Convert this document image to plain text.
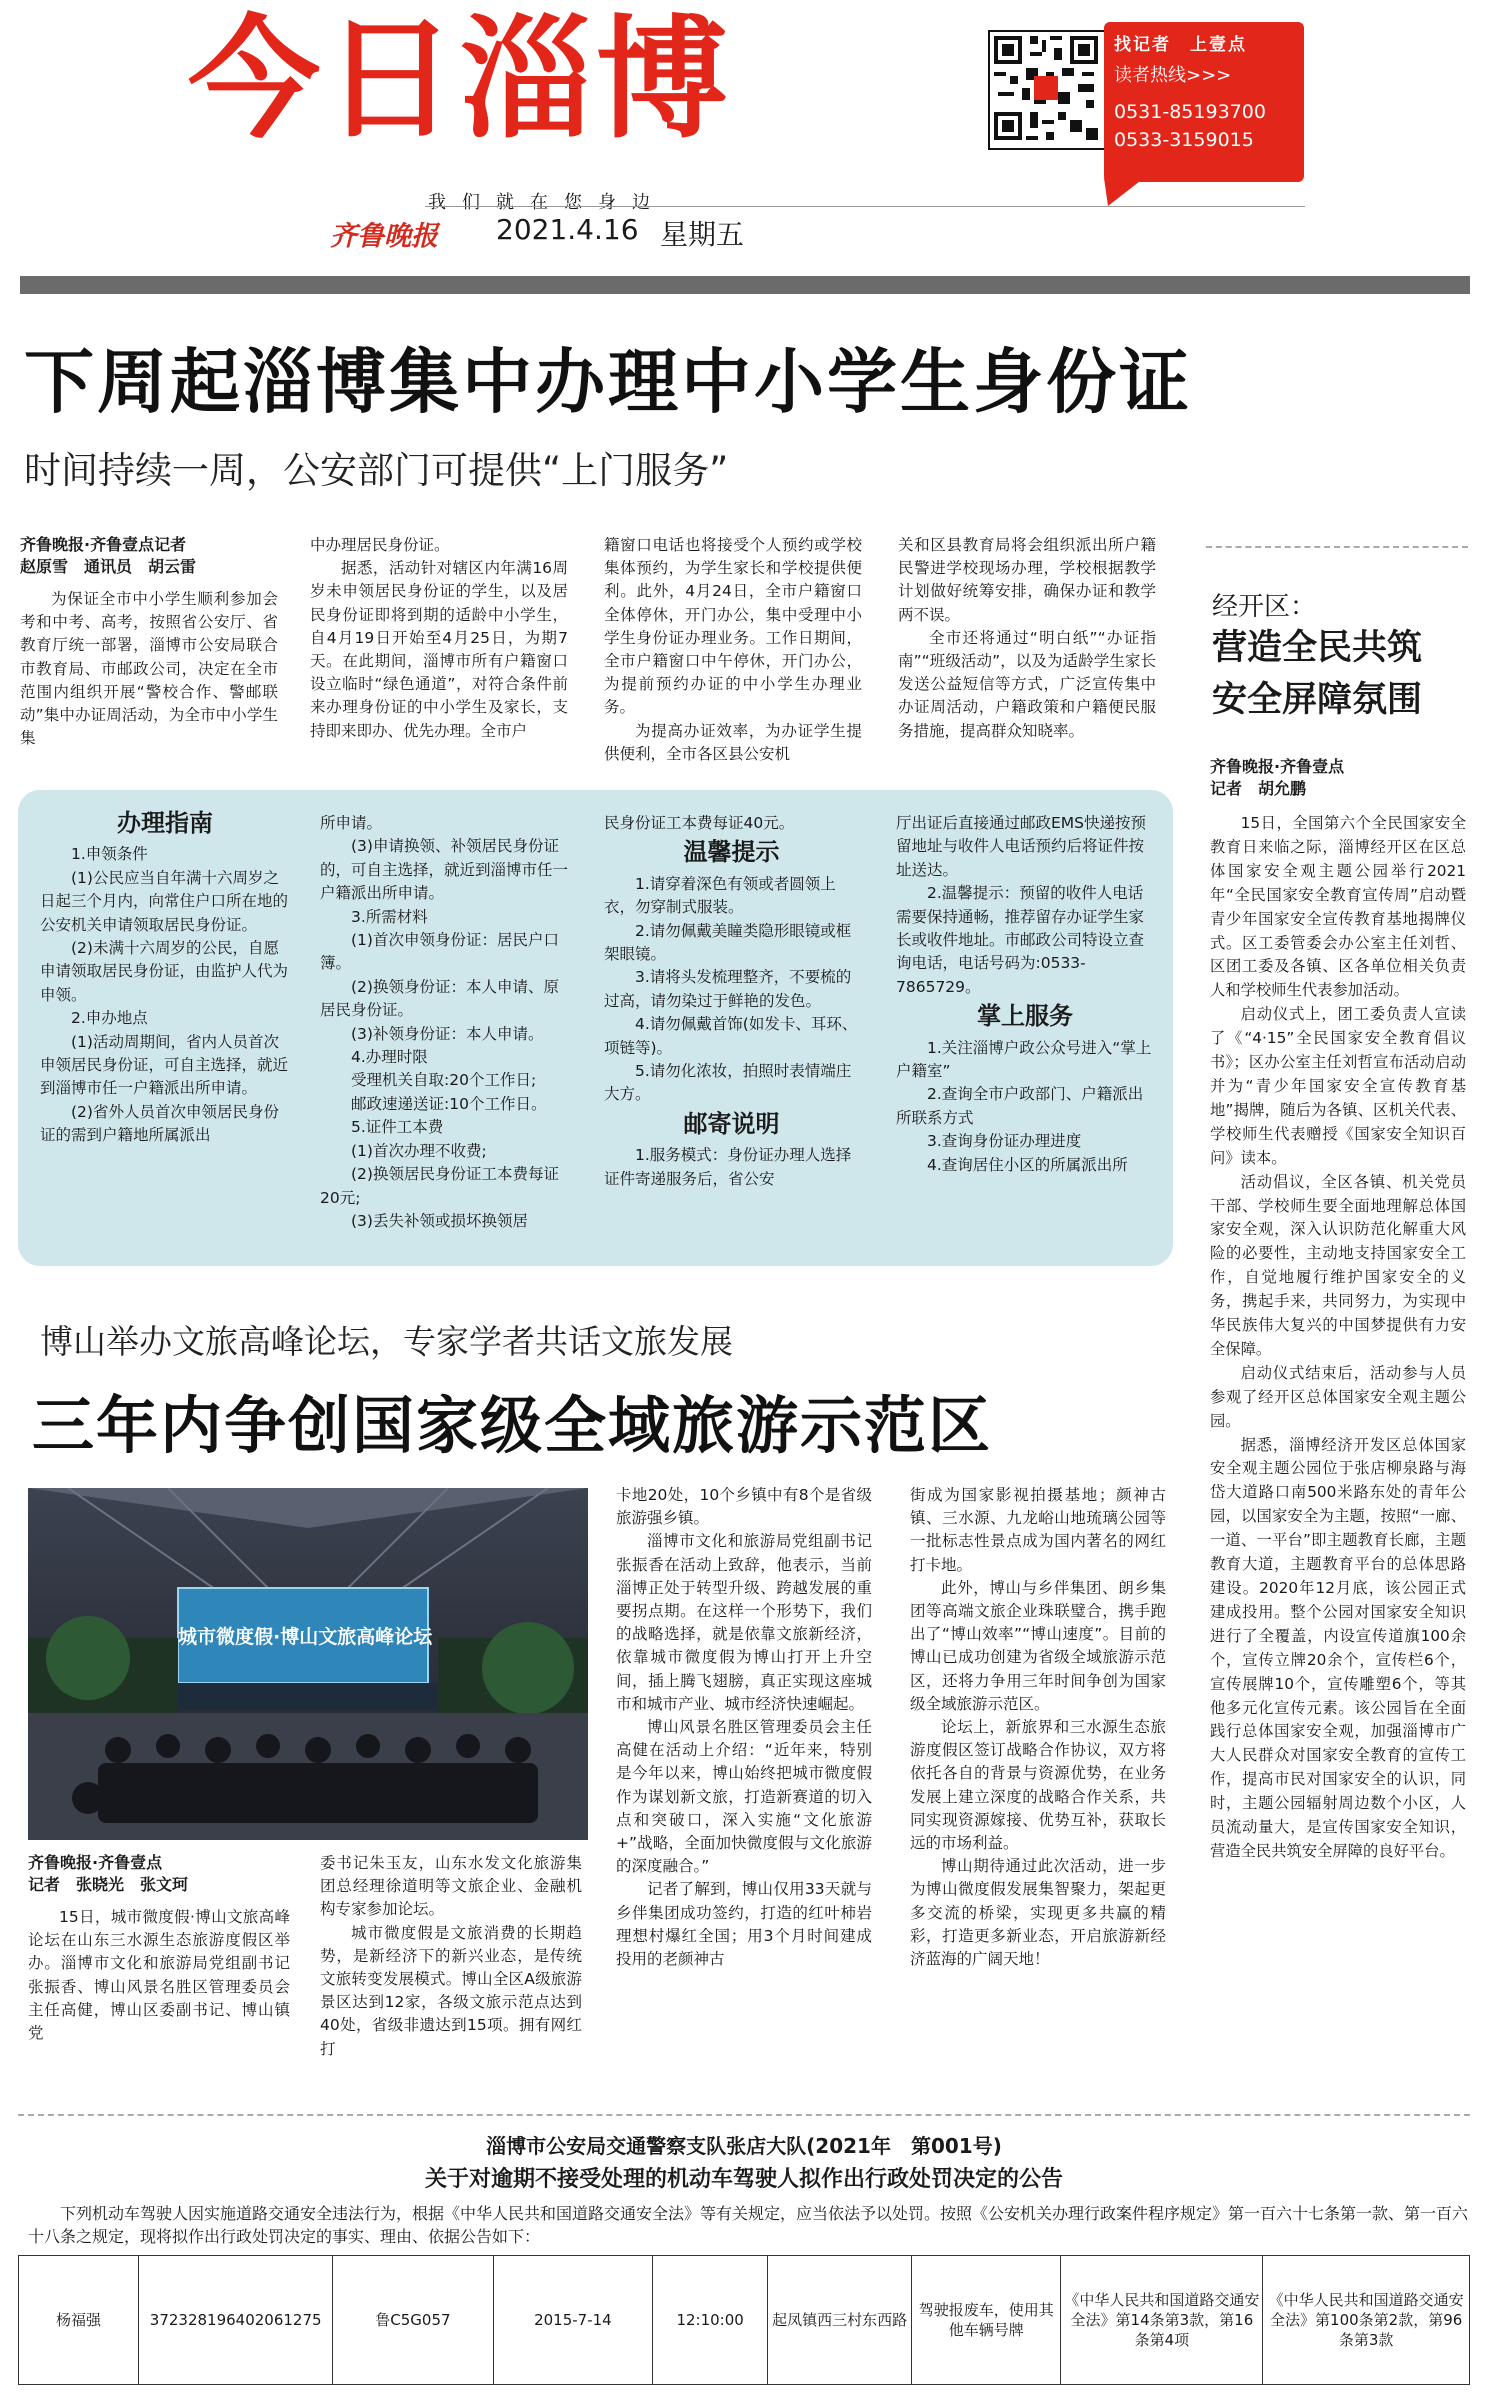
今日淄博
我们就在您身边
齐鲁晚报 2021.4.16 星期五
找记者　上壹点
读者热线>>>
0531-85193700
0533-3159015
下周起淄博集中办理中小学生身份证
时间持续一周，公安部门可提供“上门服务”
齐鲁晚报·齐鲁壹点记者
赵原雪　通讯员　胡云雷

为保证全市中小学生顺利参加会考和中考、高考，按照省公安厅、省教育厅统一部署，淄博市公安局联合市教育局、市邮政公司，决定在全市范围内组织开展“警校合作、警邮联动”集中办证周活动，为全市中小学生集

中办理居民身份证。

据悉，活动针对辖区内年满16周岁未申领居民身份证的学生，以及居民身份证即将到期的适龄中小学生，自4月19日开始至4月25日，为期7天。在此期间，淄博市所有户籍窗口设立临时“绿色通道”，对符合条件前来办理身份证的中小学生及家长，支持即来即办、优先办理。全市户

籍窗口电话也将接受个人预约或学校集体预约，为学生家长和学校提供便利。此外，4月24日，全市户籍窗口全体停休，开门办公，集中受理中小学生身份证办理业务。工作日期间，全市户籍窗口中午停休，开门办公，为提前预约办证的中小学生办理业务。

为提高办证效率，为办证学生提供便利，全市各区县公安机

关和区县教育局将会组织派出所户籍民警进学校现场办理，学校根据教学计划做好统筹安排，确保办证和教学两不误。

全市还将通过“明白纸”“办证指南”“班级活动”，以及为适龄学生家长发送公益短信等方式，广泛宣传集中办证周活动，户籍政策和户籍便民服务措施，提高群众知晓率。

办理指南

1.申领条件

(1)公民应当自年满十六周岁之日起三个月内，向常住户口所在地的公安机关申请领取居民身份证。

(2)未满十六周岁的公民，自愿申请领取居民身份证，由监护人代为申领。

2.申办地点

(1)活动周期间，省内人员首次申领居民身份证，可自主选择，就近到淄博市任一户籍派出所申请。

(2)省外人员首次申领居民身份证的需到户籍地所属派出

所申请。

(3)申请换领、补领居民身份证的，可自主选择，就近到淄博市任一户籍派出所申请。

3.所需材料

(1)首次申领身份证：居民户口簿。

(2)换领身份证：本人申请、原居民身份证。

(3)补领身份证：本人申请。

4.办理时限

受理机关自取:20个工作日;

邮政速递送证:10个工作日。

5.证件工本费

(1)首次办理不收费;

(2)换领居民身份证工本费每证20元;

(3)丢失补领或损坏换领居

民身份证工本费每证40元。

温馨提示

1.请穿着深色有领或者圆领上衣，勿穿制式服装。

2.请勿佩戴美瞳类隐形眼镜或框架眼镜。

3.请将头发梳理整齐，不要梳的过高，请勿染过于鲜艳的发色。

4.请勿佩戴首饰(如发卡、耳环、项链等)。

5.请勿化浓妆，拍照时表情端庄大方。

邮寄说明

1.服务模式：身份证办理人选择证件寄递服务后，省公安

厅出证后直接通过邮政EMS快递按预留地址与收件人电话预约后将证件按址送达。

2.温馨提示：预留的收件人电话需要保持通畅，推荐留存办证学生家长或收件地址。市邮政公司特设立查询电话，电话号码为:0533-7865729。

掌上服务

1.关注淄博户政公众号进入“掌上户籍室”

2.查询全市户政部门、户籍派出所联系方式

3.查询身份证办理进度

4.查询居住小区的所属派出所

经开区：
营造全民共筑
安全屏障氛围
齐鲁晚报·齐鲁壹点
记者　胡允鹏

15日，全国第六个全民国家安全教育日来临之际，淄博经开区在区总体国家安全观主题公园举行2021年“全民国家安全教育宣传周”启动暨青少年国家安全宣传教育基地揭牌仪式。区工委管委会办公室主任刘哲、区团工委及各镇、区各单位相关负责人和学校师生代表参加活动。

启动仪式上，团工委负责人宣读了《“4·15”全民国家安全教育倡议书》；区办公室主任刘哲宣布活动启动并为“青少年国家安全宣传教育基地”揭牌，随后为各镇、区机关代表、学校师生代表赠授《国家安全知识百问》读本。

活动倡议，全区各镇、机关党员干部、学校师生要全面地理解总体国家安全观，深入认识防范化解重大风险的必要性，主动地支持国家安全工作，自觉地履行维护国家安全的义务，携起手来，共同努力，为实现中华民族伟大复兴的中国梦提供有力安全保障。

启动仪式结束后，活动参与人员参观了经开区总体国家安全观主题公园。

据悉，淄博经济开发区总体国家安全观主题公园位于张店柳泉路与海岱大道路口南500米路东处的青年公园，以国家安全为主题，按照“一廊、一道、一平台”即主题教育长廊，主题教育大道，主题教育平台的总体思路建设。2020年12月底，该公园正式建成投用。整个公园对国家安全知识进行了全覆盖，内设宣传道旗100余个，宣传立牌20余个，宣传栏6个，宣传展牌10个，宣传雕塑6个，等其他多元化宣传元素。该公园旨在全面践行总体国家安全观，加强淄博市广大人民群众对国家安全教育的宣传工作，提高市民对国家安全的认识，同时，主题公园辐射周边数个小区，人员流动量大，是宣传国家安全知识，营造全民共筑安全屏障的良好平台。

博山举办文旅高峰论坛，专家学者共话文旅发展
三年内争创国家级全域旅游示范区
城市微度假·博山文旅高峰论坛
齐鲁晚报·齐鲁壹点
记者　张晓光　张文珂

15日，城市微度假·博山文旅高峰论坛在山东三水源生态旅游度假区举办。淄博市文化和旅游局党组副书记张振香、博山风景名胜区管理委员会主任高健，博山区委副书记、博山镇党

委书记朱玉友，山东水发文化旅游集团总经理徐道明等文旅企业、金融机构专家参加论坛。

城市微度假是文旅消费的长期趋势，是新经济下的新兴业态，是传统文旅转变发展模式。博山全区A级旅游景区达到12家，各级文旅示范点达到40处，省级非遗达到15项。拥有网红打

卡地20处，10个乡镇中有8个是省级旅游强乡镇。

淄博市文化和旅游局党组副书记张振香在活动上致辞，他表示，当前淄博正处于转型升级、跨越发展的重要拐点期。在这样一个形势下，我们的战略选择，就是依靠文旅新经济，依靠城市微度假为博山打开上升空间，插上腾飞翅膀，真正实现这座城市和城市产业、城市经济快速崛起。

博山风景名胜区管理委员会主任高健在活动上介绍：“近年来，特别是今年以来，博山始终把城市微度假作为谋划新文旅，打造新赛道的切入点和突破口，深入实施“文化旅游+”战略，全面加快微度假与文化旅游的深度融合。”

记者了解到，博山仅用33天就与乡伴集团成功签约，打造的红叶柿岩理想村爆红全国；用3个月时间建成投用的老颜神古

街成为国家影视拍摄基地；颜神古镇、三水源、九龙峪山地琉璃公园等一批标志性景点成为国内著名的网红打卡地。

此外，博山与乡伴集团、朗乡集团等高端文旅企业珠联璧合，携手跑出了“博山效率”“博山速度”。目前的博山已成功创建为省级全域旅游示范区，还将力争用三年时间争创为国家级全域旅游示范区。

论坛上，新旅界和三水源生态旅游度假区签订战略合作协议，双方将依托各自的背景与资源优势，在业务发展上建立深度的战略合作关系，共同实现资源嫁接、优势互补，获取长远的市场利益。

博山期待通过此次活动，进一步为博山微度假发展集智聚力，架起更多交流的桥梁，实现更多共赢的精彩，打造更多新业态，开启旅游新经济蓝海的广阔天地！

淄博市公安局交通警察支队张店大队(2021年　第001号)
关于对逾期不接受处理的机动车驾驶人拟作出行政处罚决定的公告
下列机动车驾驶人因实施道路交通安全违法行为，根据《中华人民共和国道路交通安全法》等有关规定，应当依法予以处罚。按照《公安机关办理行政案件程序规定》第一百六十七条第一款、第一百六十八条之规定，现将拟作出行政处罚决定的事实、理由、依据公告如下：
杨福强	372328196402061275	鲁C5G057	2015-7-14	12:10:00	起凤镇西三村东西路	驾驶报废车，使用其他车辆号牌	《中华人民共和国道路交通安全法》第14条第3款，第16条第4项	《中华人民共和国道路交通安全法》第100条第2款，第96条第3款
